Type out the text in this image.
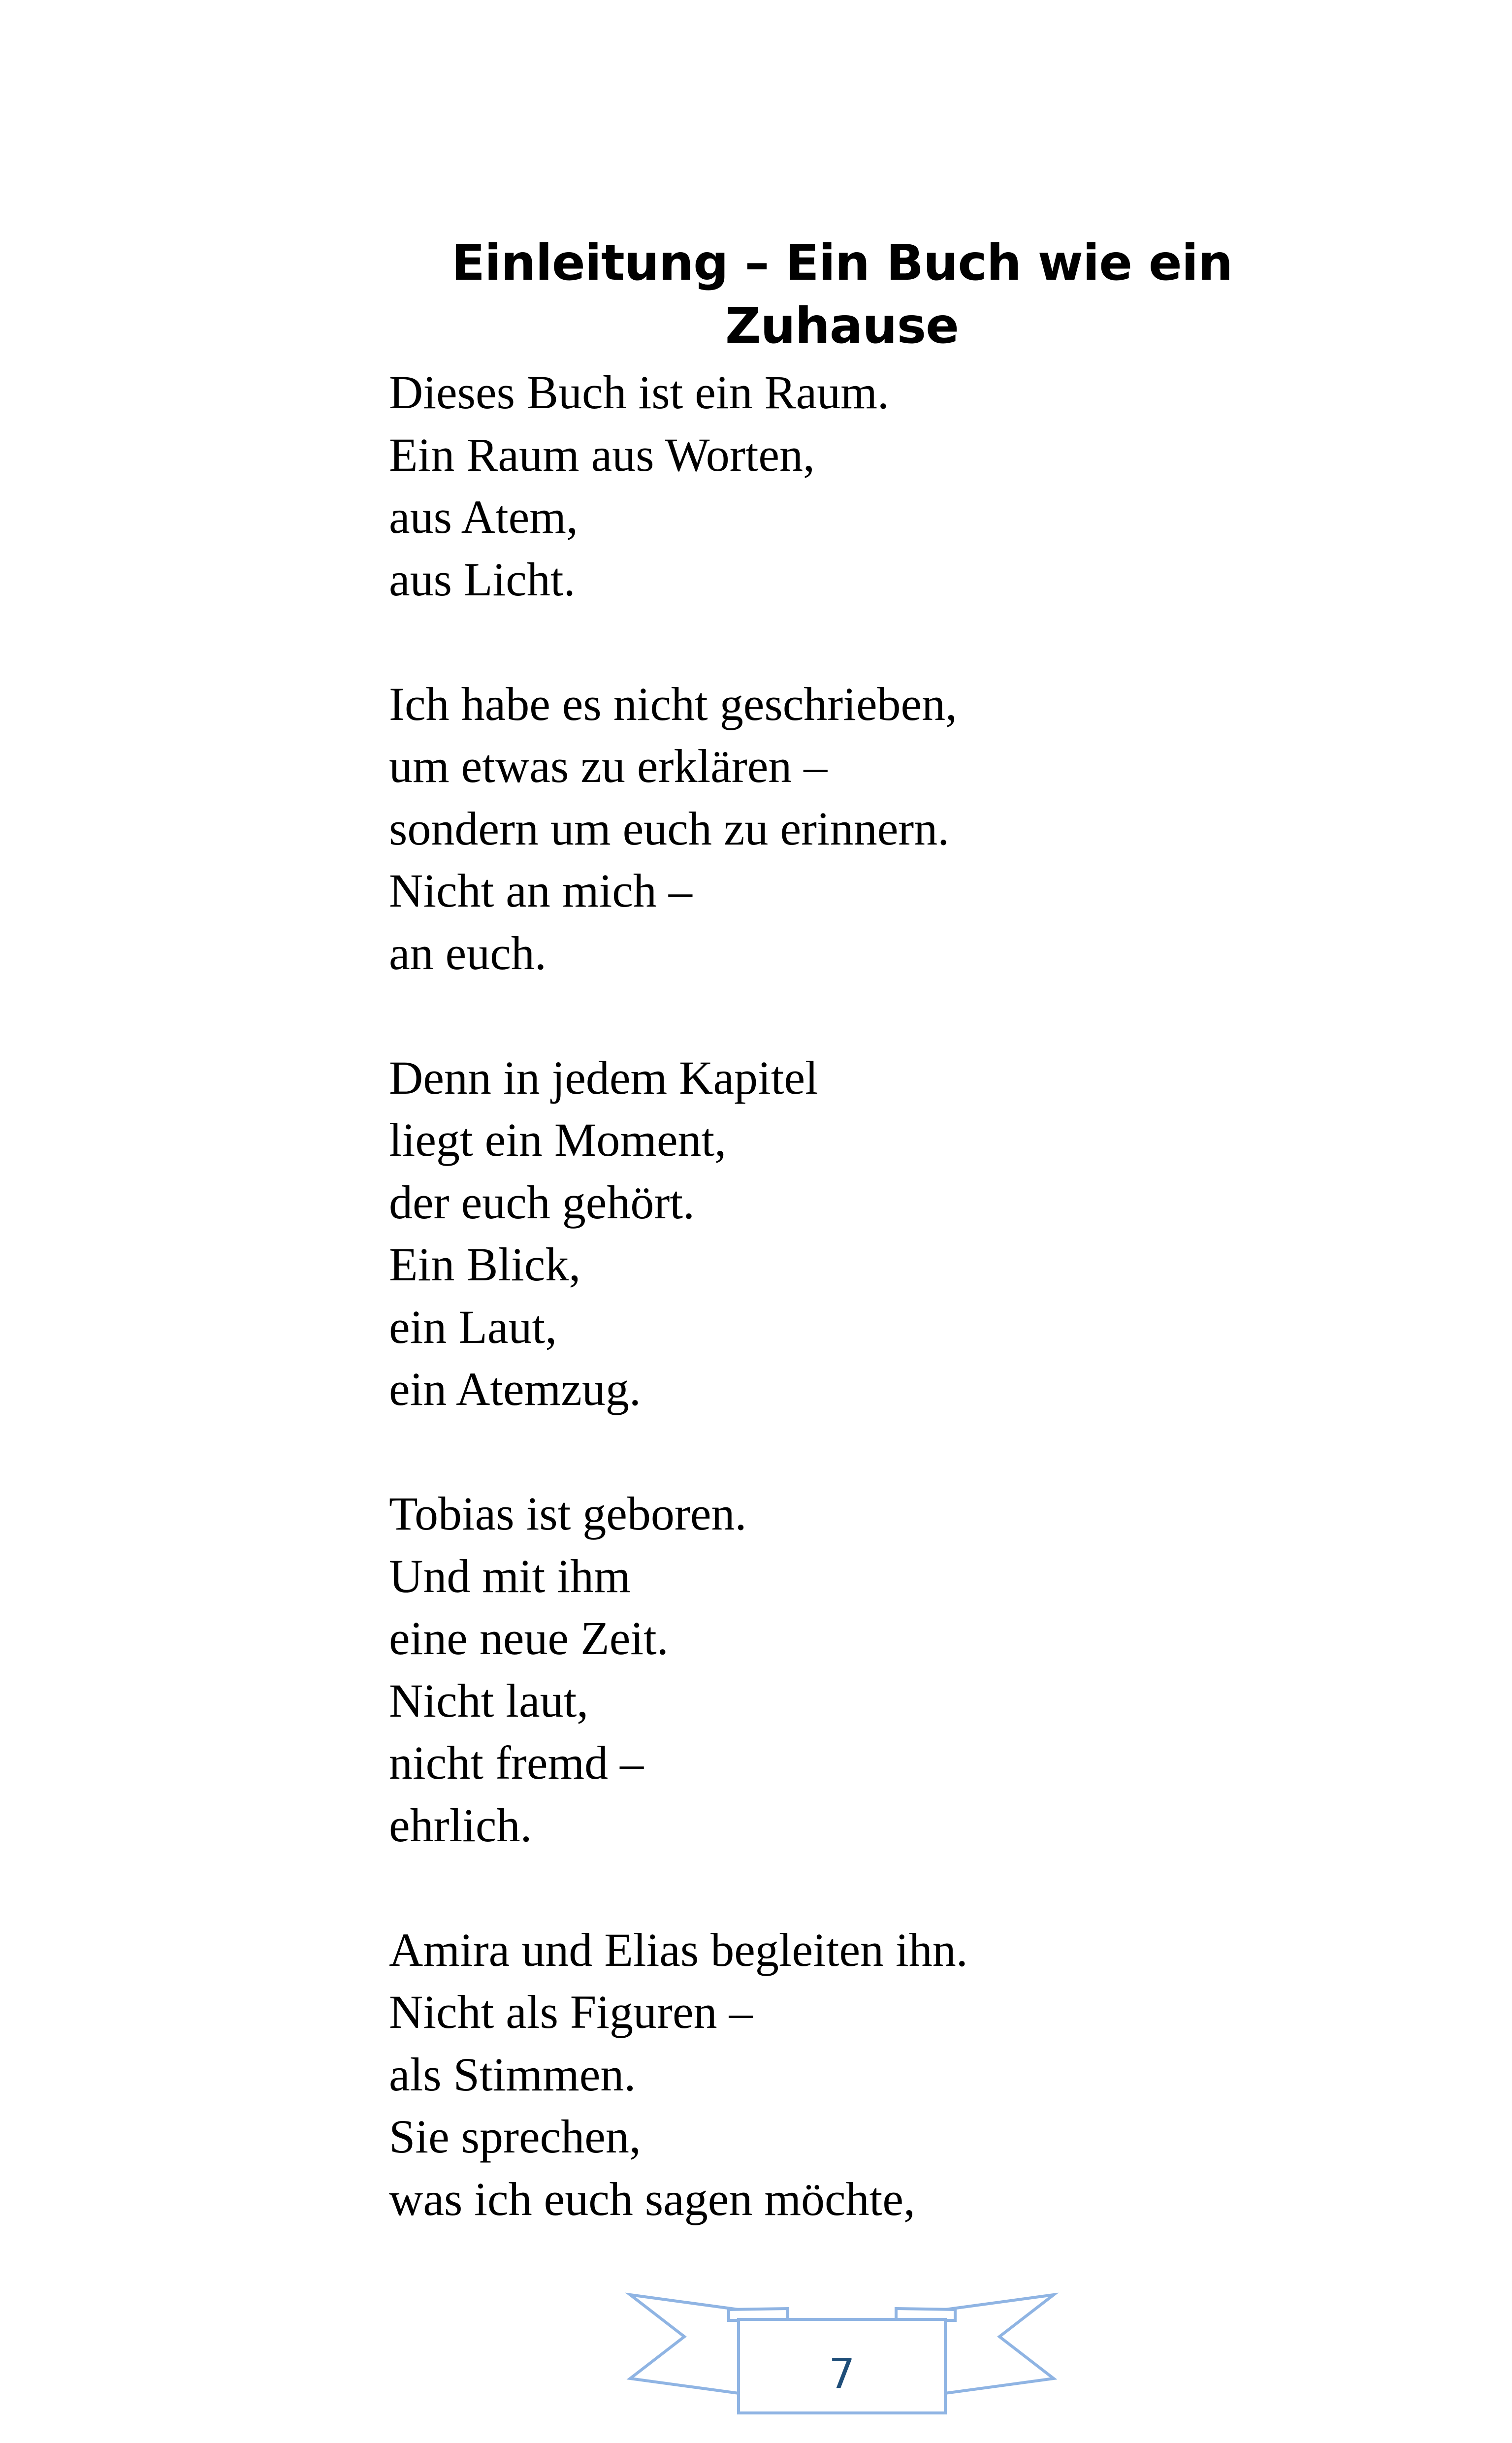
Einleitung – Ein Buch wie ein
Zuhause
Dieses Buch ist ein Raum.
Ein Raum aus Worten,
aus Atem,
aus Licht.
Ich habe es nicht geschrieben,
um etwas zu erklären –
sondern um euch zu erinnern.
Nicht an mich –
an euch.
Denn in jedem Kapitel
liegt ein Moment,
der euch gehört.
Ein Blick,
ein Laut,
ein Atemzug.
Tobias ist geboren.
Und mit ihm
eine neue Zeit.
Nicht laut,
nicht fremd –
ehrlich.
Amira und Elias begleiten ihn.
Nicht als Figuren –
als Stimmen.
Sie sprechen,
was ich euch sagen möchte,
7
